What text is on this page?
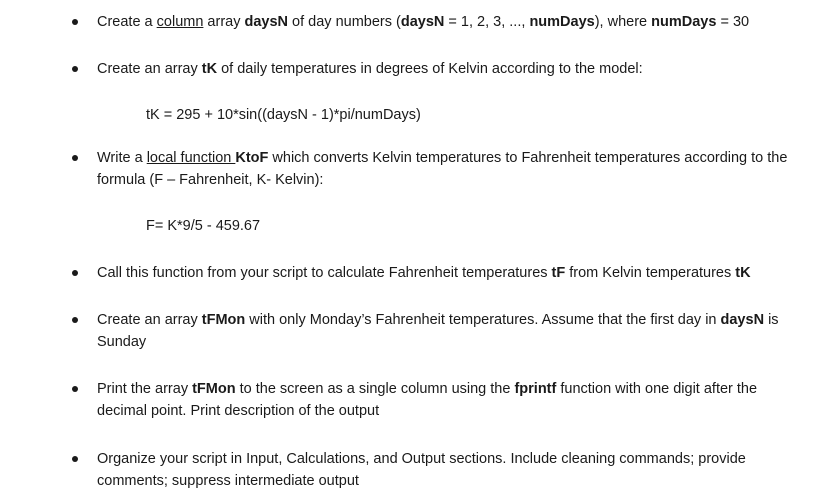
Create a column array daysN of day numbers (daysN = 1, 2, 3, ..., numDays), where numDays = 30
Create an array tK of daily temperatures in degrees of Kelvin according to the model:
tK = 295 + 10*sin((daysN - 1)*pi/numDays)
Write a local function KtoF which converts Kelvin temperatures to Fahrenheit temperatures according to the formula (F – Fahrenheit, K- Kelvin):
F= K*9/5 - 459.67
Call this function from your script to calculate Fahrenheit temperatures tF from Kelvin temperatures tK
Create an array tFMon with only Monday’s Fahrenheit temperatures. Assume that the first day in daysN is Sunday
Print the array tFMon to the screen as a single column using the fprintf function with one digit after the decimal point. Print description of the output
Organize your script in Input, Calculations, and Output sections. Include cleaning commands; provide comments; suppress intermediate output
